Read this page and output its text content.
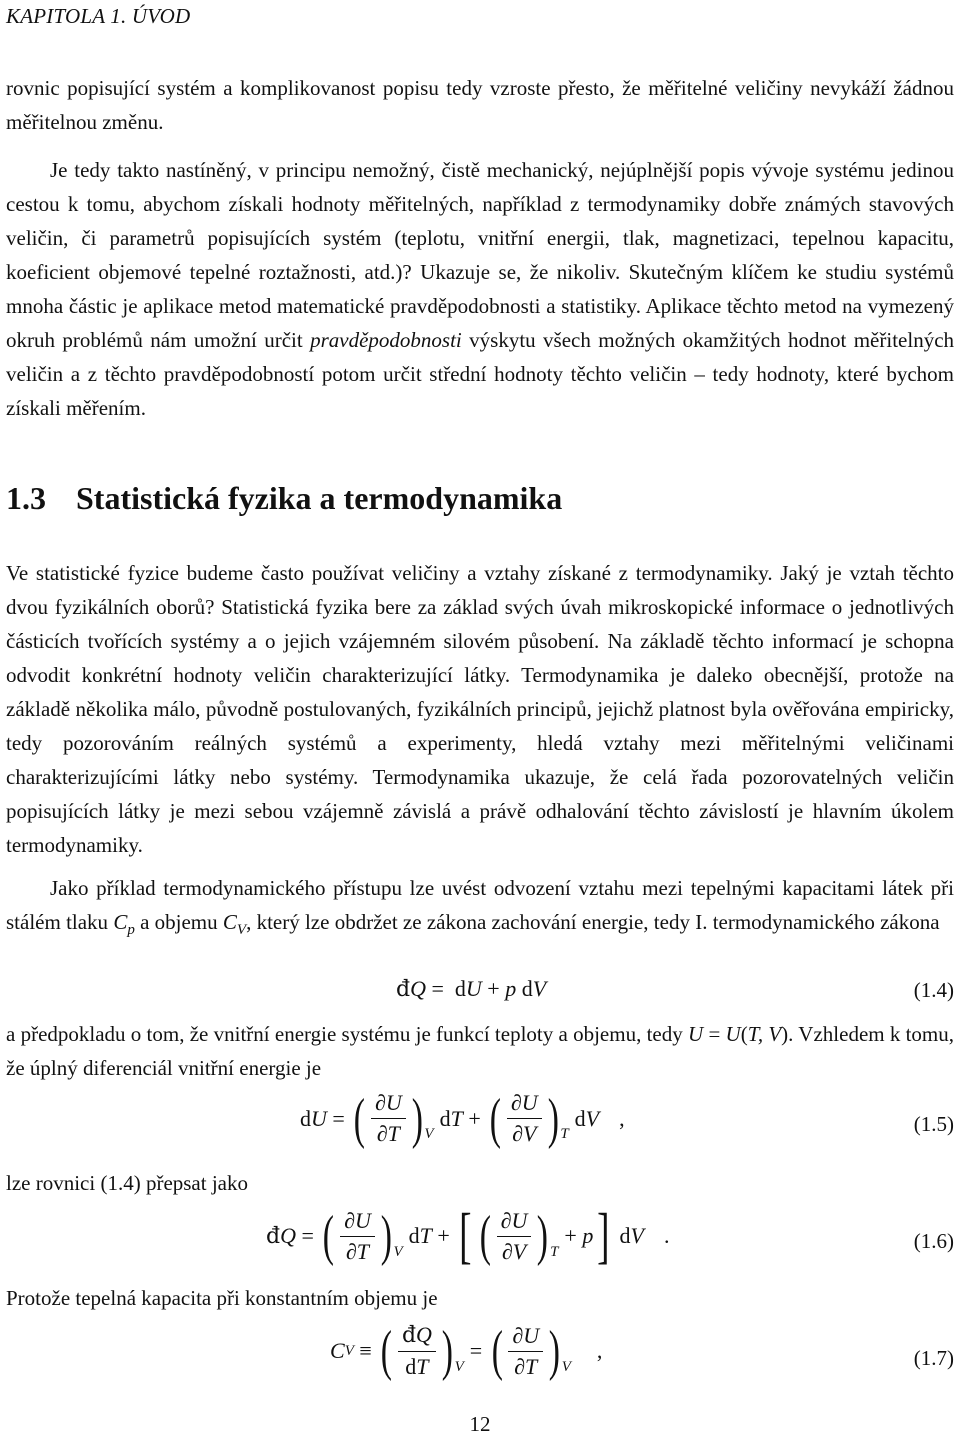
KAPITOLA 1. ÚVOD

rovnic popisující systém a komplikovanost popisu tedy vzroste přesto, že měřitelné veličiny nevykáží žádnou měřitelnou změnu.

Je tedy takto nastíněný, v principu nemožný, čistě mechanický, nejúplnější popis vývoje systému jedinou cestou k tomu, abychom získali hodnoty měřitelných, například z termodynamiky dobře známých stavových veličin, či parametrů popisujících systém (teplotu, vnitřní energii, tlak, magnetizaci, tepelnou kapacitu, koeficient objemové tepelné roztažnosti, atd.)? Ukazuje se, že nikoliv. Skutečným klíčem ke studiu systémů mnoha částic je aplikace metod matematické pravděpodobnosti a statistiky. Aplikace těchto metod na vymezený okruh problémů nám umožní určit pravděpodobnosti výskytu všech možných okamžitých hodnot měřitelných veličin a z těchto pravděpodobností potom určit střední hodnoty těchto veličin – tedy hodnoty, které bychom získali měřením.

1.3 Statistická fyzika a termodynamika

Ve statistické fyzice budeme často používat veličiny a vztahy získané z termodynamiky. Jaký je vztah těchto dvou fyzikálních oborů? Statistická fyzika bere za základ svých úvah mikroskopické informace o jednotlivých částicích tvořících systémy a o jejich vzájemném silovém působení. Na základě těchto informací je schopna odvodit konkrétní hodnoty veličin charakterizující látky. Termodynamika je daleko obecnější, protože na základě několika málo, původně postulovaných, fyzikálních principů, jejichž platnost byla ověřována empiricky, tedy pozorováním reálných systémů a experimenty, hledá vztahy mezi měřitelnými veličinami charakterizujícími látky nebo systémy. Termodynamika ukazuje, že celá řada pozorovatelných veličin popisujících látky je mezi sebou vzájemně závislá a právě odhalování těchto závislostí je hlavním úkolem termodynamiky.

Jako příklad termodynamického přístupu lze uvést odvození vztahu mezi tepelnými kapacitami látek při stálém tlaku $C_p$ a objemu $C_V$, který lze obdržet ze zákona zachování energie, tedy I. termodynamického zákona

đ Q =  d U + p d V	(1.4)

a předpokladu o tom, že vnitřní energie systému je funkcí teploty a objemu, tedy U = U(T, V). Vzhledem k tomu, že úplný diferenciál vnitřní energie je

d U = ( $\frac{\partial U}{\partial T}$ ) V
d T + ( $\frac{\partial U}{\partial V}$ ) T
d V ,	(1.5)

lze rovnici (1.4) přepsat jako

đ Q = ( $\frac{\partial U}{\partial T}$ ) V
d T + [ ( $\frac{\partial U}{\partial V}$ ) T
+ p ] d V .	(1.6)

Protože tepelná kapacita při konstantním objemu je

C V ≡ ( $\frac{đQ}{dT}$ ) V
= ( $\frac{\partial U}{\partial T}$ ) V
,	(1.7)
12
